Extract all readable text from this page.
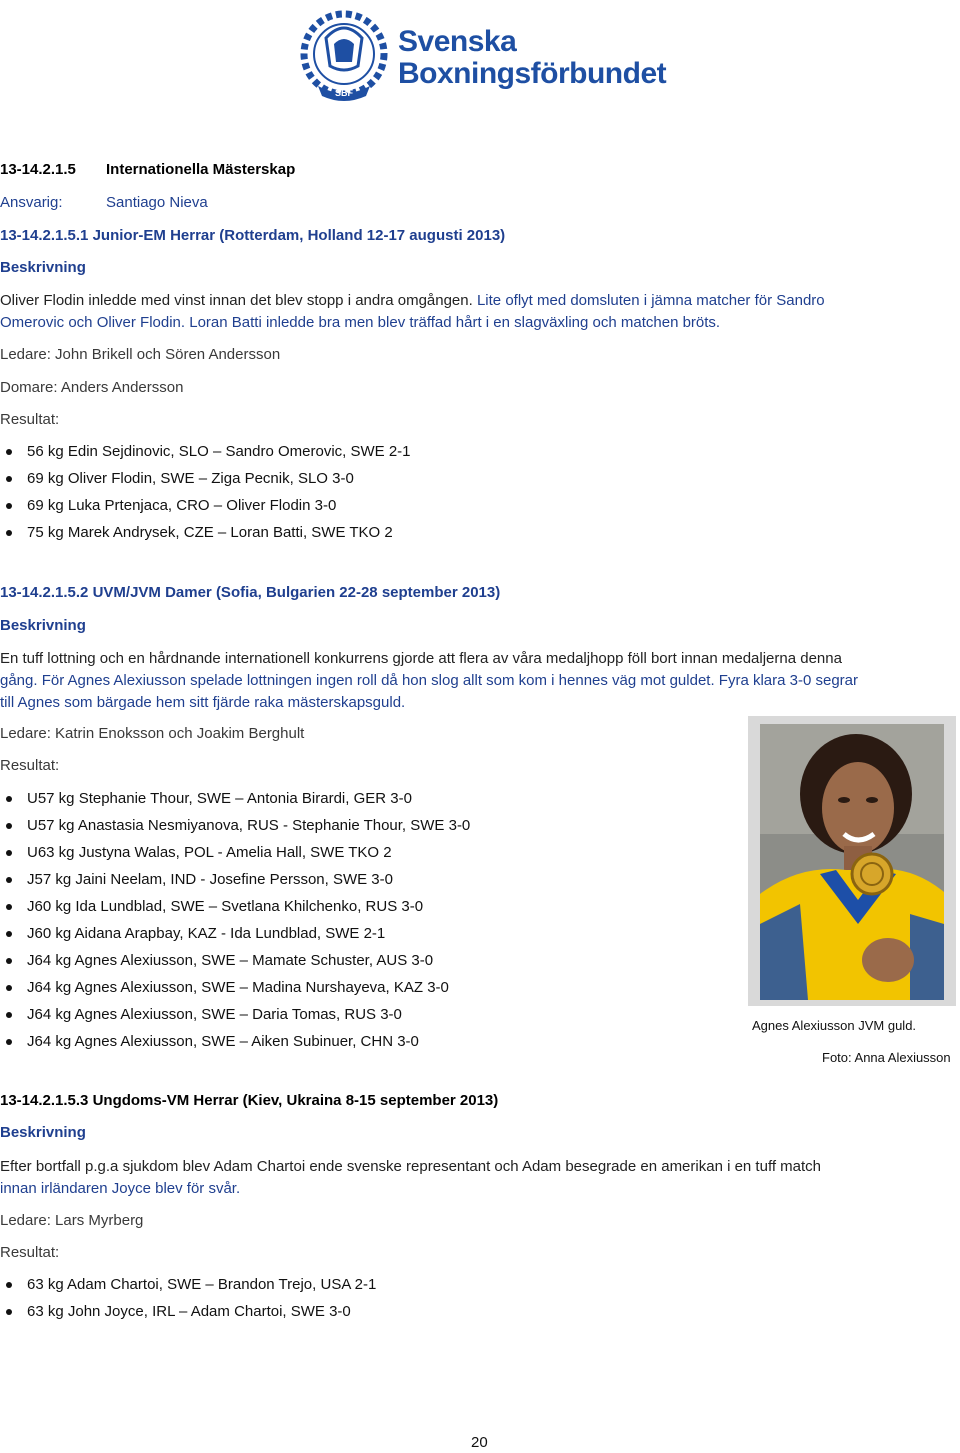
SBF
Svenska
Boxningsförbundet
13-14.2.1.5 Internationella Mästerskap
Ansvarig:	Santiago Nieva
13-14.2.1.5.1 Junior-EM Herrar (Rotterdam, Holland 12-17 augusti 2013)
Beskrivning
Oliver Flodin inledde med vinst innan det blev stopp i andra omgången. Lite oflyt med domsluten i jämna matcher för Sandro
Omerovic och Oliver Flodin. Loran Batti inledde bra men blev träffad hårt i en slagväxling och matchen bröts.
Ledare: John Brikell och Sören Andersson
Domare: Anders Andersson
Resultat:
56 kg Edin Sejdinovic, SLO – Sandro Omerovic, SWE 2-1
69 kg Oliver Flodin, SWE – Ziga Pecnik, SLO 3-0
69 kg Luka Prtenjaca, CRO – Oliver Flodin 3-0
75 kg Marek Andrysek, CZE – Loran Batti, SWE TKO 2
13-14.2.1.5.2 UVM/JVM Damer (Sofia, Bulgarien 22-28 september 2013)
Beskrivning
En tuff lottning och en hårdnande internationell konkurrens gjorde att flera av våra medaljhopp föll bort innan medaljerna denna
gång. För Agnes Alexiusson spelade lottningen ingen roll då hon slog allt som kom i hennes väg mot guldet. Fyra klara 3-0 segrar
till Agnes som bärgade hem sitt fjärde raka mästerskapsguld.
Ledare: Katrin Enoksson och Joakim Berghult
Resultat:
U57 kg Stephanie Thour, SWE – Antonia Birardi, GER 3-0
U57 kg Anastasia Nesmiyanova, RUS - Stephanie Thour, SWE 3-0
U63 kg Justyna Walas, POL - Amelia Hall, SWE TKO 2
J57 kg Jaini Neelam, IND - Josefine Persson, SWE 3-0
J60 kg Ida Lundblad, SWE – Svetlana Khilchenko, RUS 3-0
J60 kg Aidana Arapbay, KAZ - Ida Lundblad, SWE 2-1
J64 kg Agnes Alexiusson, SWE – Mamate Schuster, AUS 3-0
J64 kg Agnes Alexiusson, SWE – Madina Nurshayeva, KAZ 3-0
J64 kg Agnes Alexiusson, SWE – Daria Tomas, RUS 3-0
J64 kg Agnes Alexiusson, SWE – Aiken Subinuer, CHN 3-0
Agnes Alexiusson JVM guld.
Foto: Anna Alexiusson
13-14.2.1.5.3 Ungdoms-VM Herrar (Kiev, Ukraina 8-15 september 2013)
Beskrivning
Efter bortfall p.g.a sjukdom blev Adam Chartoi ende svenske representant och Adam besegrade en amerikan i en tuff match
innan irländaren Joyce blev för svår.
Ledare: Lars Myrberg
Resultat:
63 kg Adam Chartoi, SWE – Brandon Trejo, USA 2-1
63 kg John Joyce, IRL – Adam Chartoi, SWE 3-0
20
